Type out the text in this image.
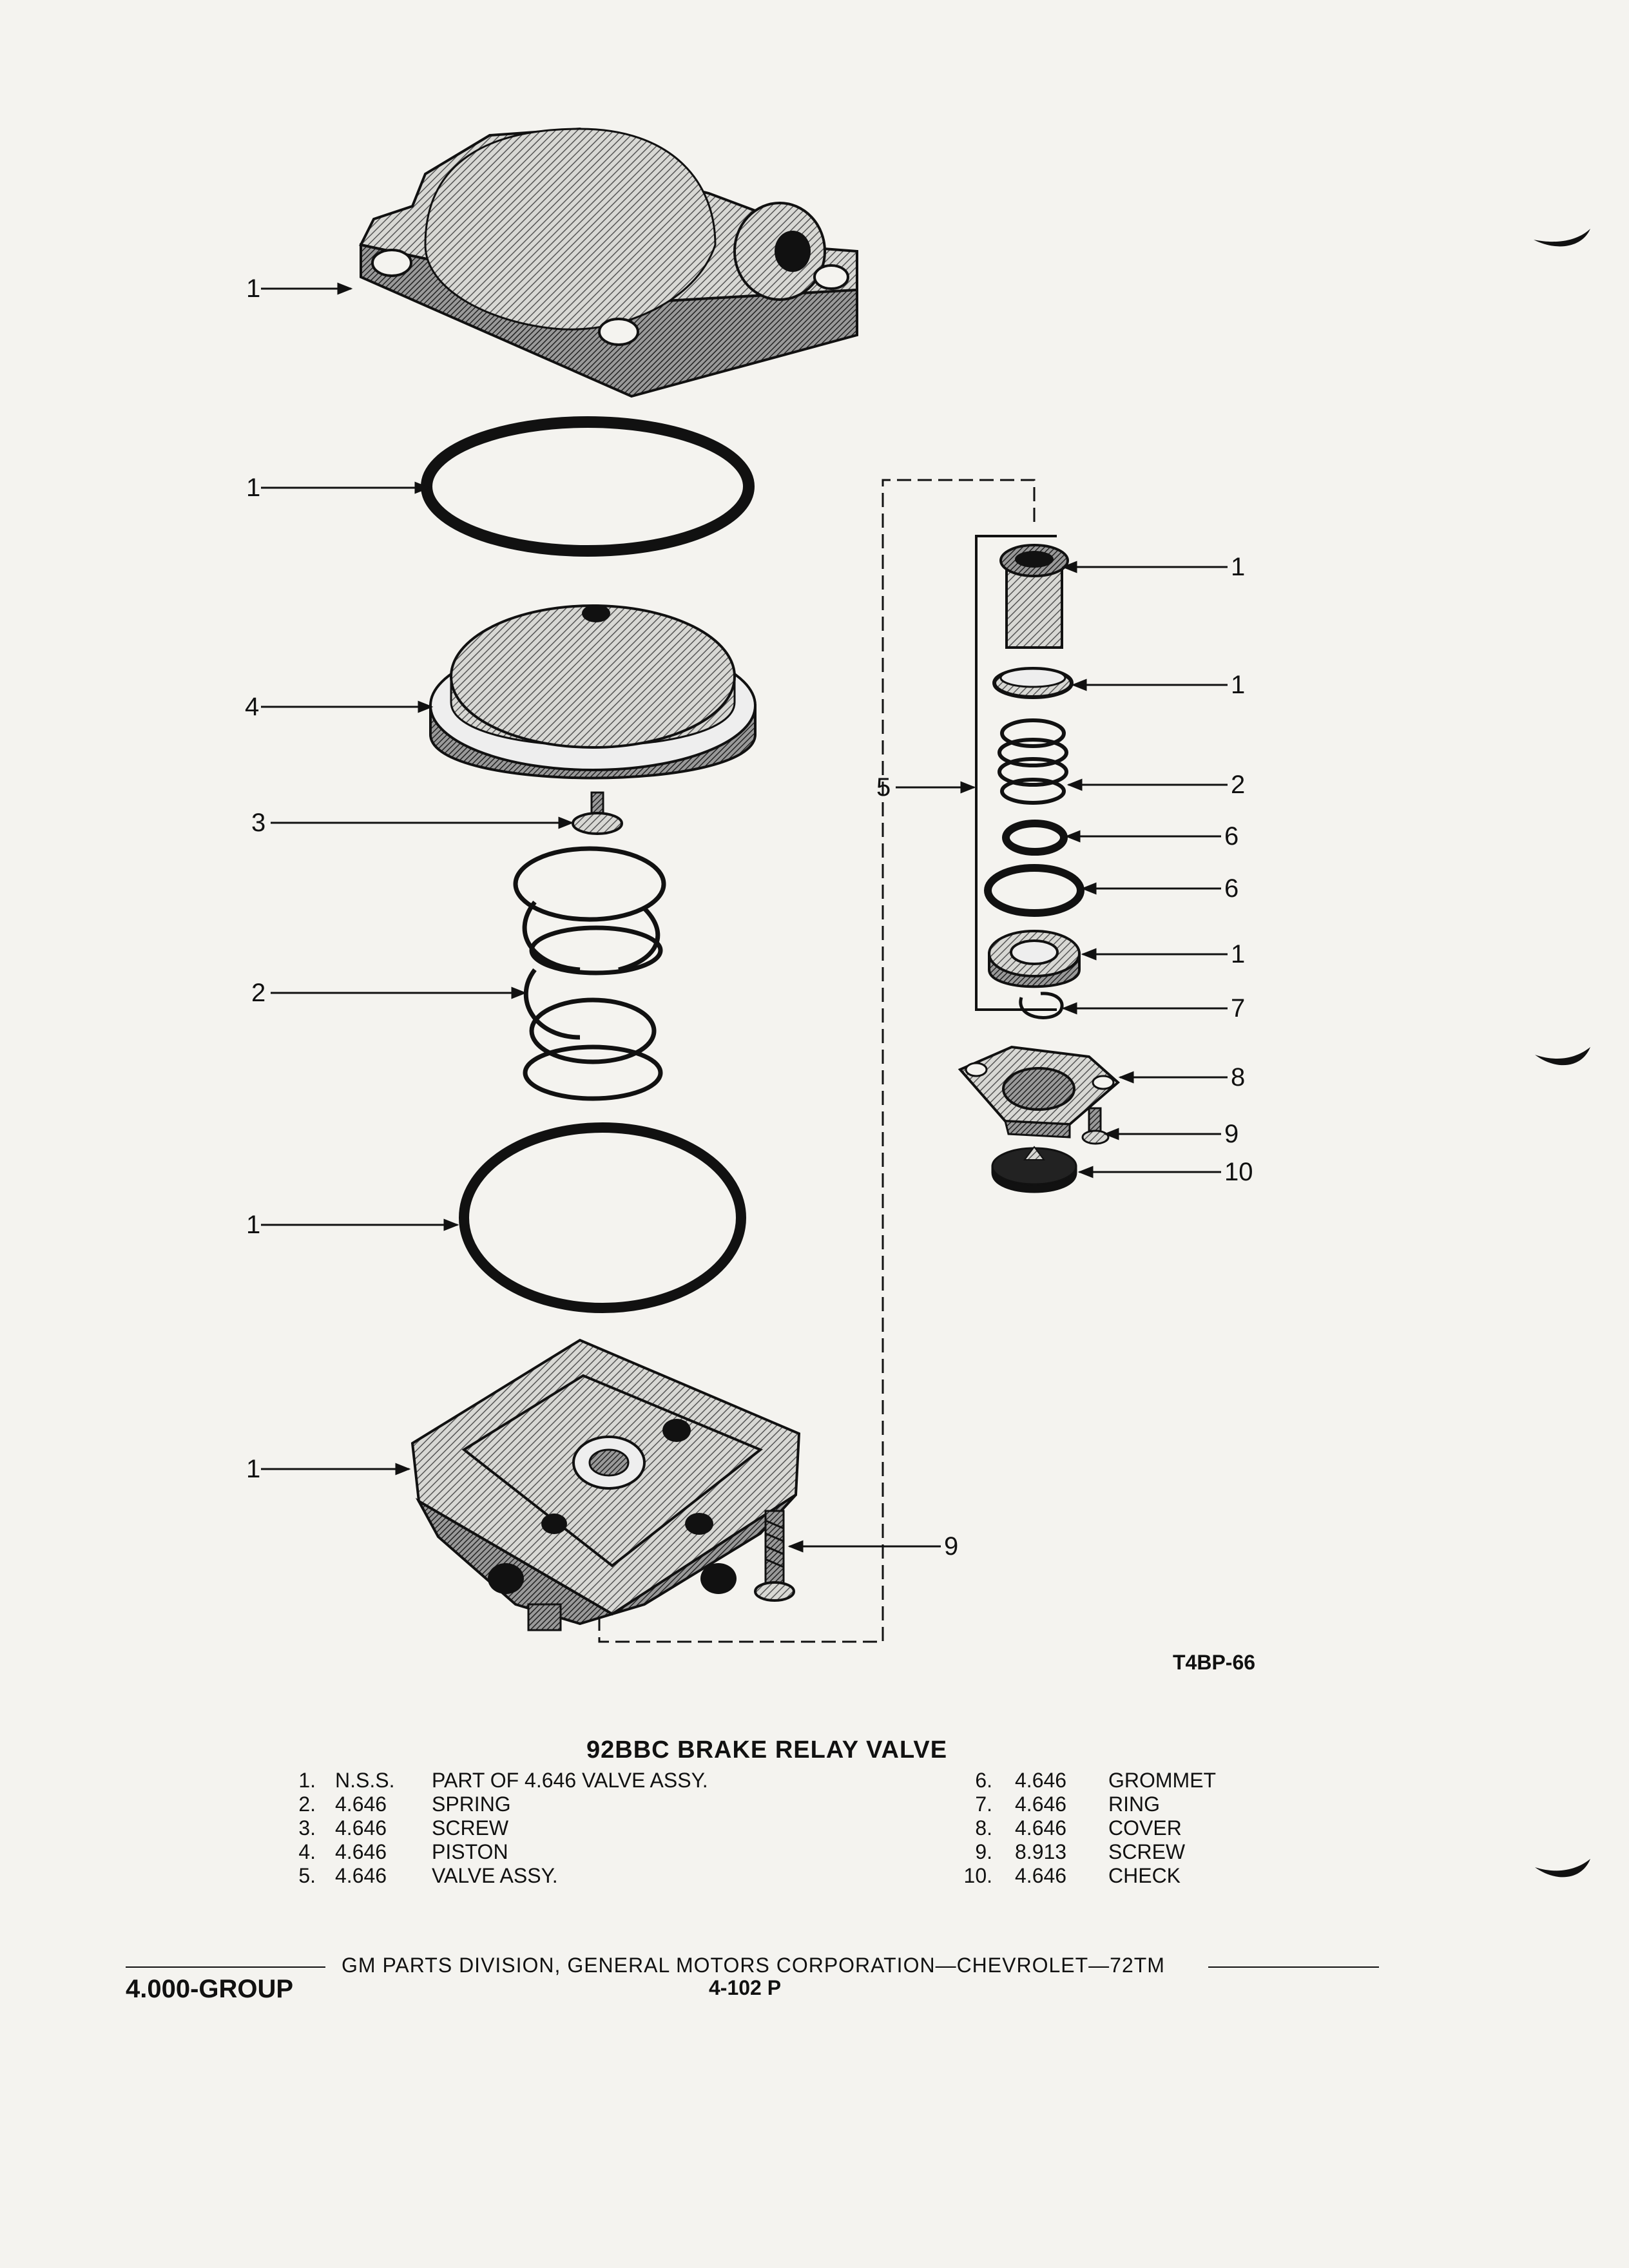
1
1
4
3
2
1
1
9
5
1
1
2
6
6
1
7
8
9
10
T4BP-66
92BBC BRAKE RELAY VALVE
1. N.S.S. PART OF 4.646 VALVE ASSY.
2. 4.646 SPRING
3. 4.646 SCREW
4. 4.646 PISTON
5. 4.646 VALVE ASSY.
6. 4.646 GROMMET
7. 4.646 RING
8. 4.646 COVER
9. 8.913 SCREW
10. 4.646 CHECK
GM PARTS DIVISION, GENERAL MOTORS CORPORATION—CHEVROLET—72TM
4.000-GROUP	4-102 P
